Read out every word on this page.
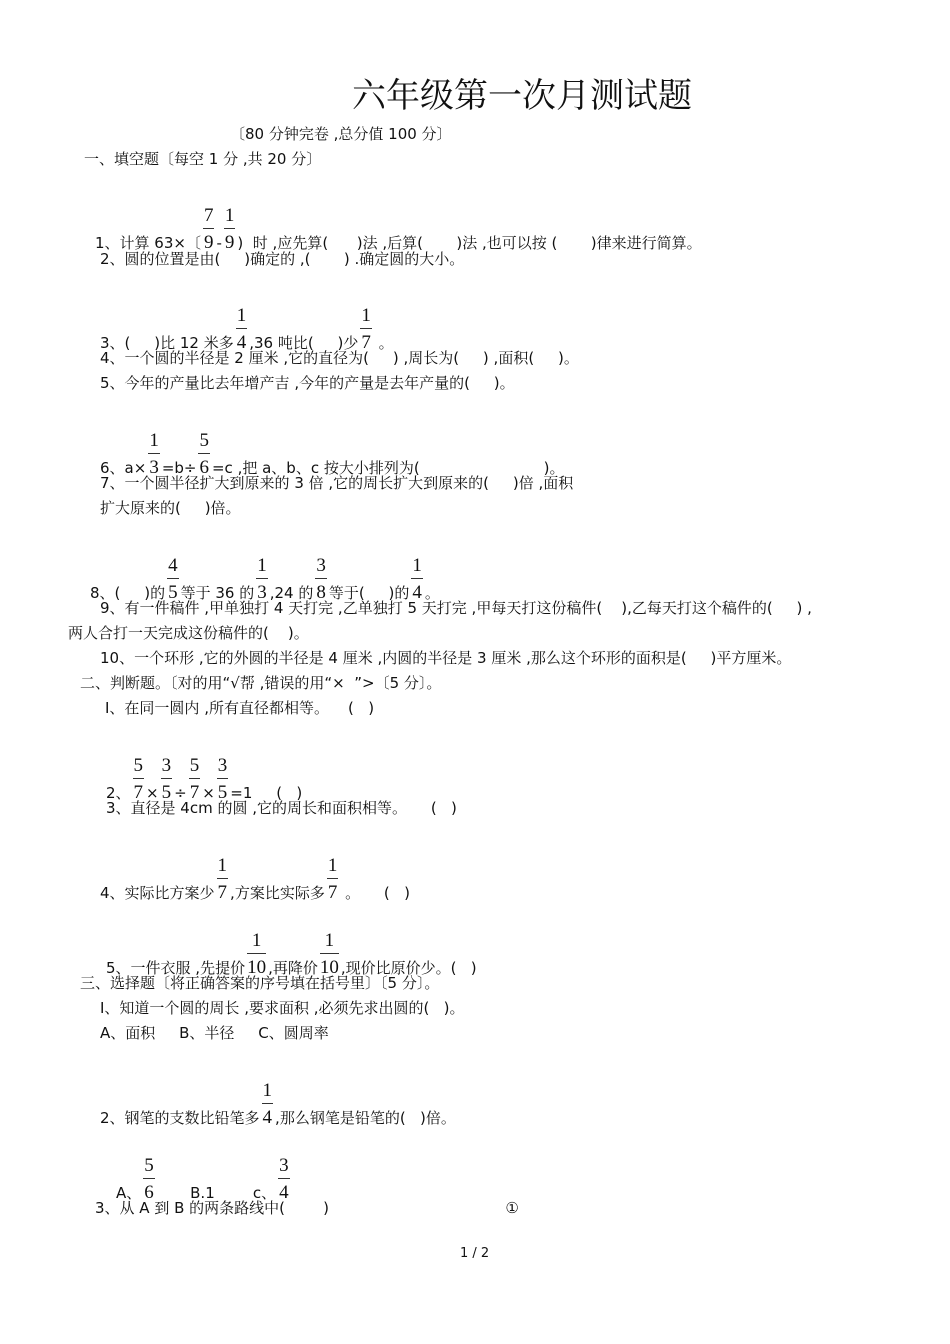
六年级第一次月测试题
〔80 分钟完卷 ,总分值 100 分〕
一、填空题〔每空 1 分 ,共 20 分〕
1、计算 63×〔 $\frac{7}{9} - \frac{1}{9}$ )  时 ,应先算(      )法 ,后算(       )法 ,也可以按 (       )律来进行简算。
2、圆的位置是由(     )确定的 ,(       ) .确定圆的大小。
3、(     )比 12 米多 $\frac{1}{4} ,36$ 吨比(     )少 $\frac{1}{7}$ 。
4、一个圆的半径是 2 厘米 ,它的直径为(     ) ,周长为(     ) ,面积(     )。
5、今年的产量比去年增产吉 ,今年的产量是去年产量的(     )。
6、$a\times \frac{1}{3} =b\div \frac{5}{6} =c$ ,把 a、b、c 按大小排列为(                          )。
7、一个圆半径扩大到原来的 3 倍 ,它的周长扩大到原来的(     )倍 ,面积
扩大原来的(     )倍。
8、(     )的 $\frac{4}{5}$ 等于 36 的 $\frac{1}{3} ,24$ 的 $\frac{3}{8}$ 等于(     )的 $\frac{1}{4}$ 。
9、有一件稿件 ,甲单独打 4 天打完 ,乙单独打 5 天打完 ,甲每天打这份稿件(    ),乙每天打这个稿件的(     ) ,
两人合打一天完成这份稿件的(    )。
10、一个环形 ,它的外圆的半径是 4 厘米 ,内圆的半径是 3 厘米 ,那么这个环形的面积是(     )平方厘米。
二、判断题。〔对的用“√帮 ,错误的用“×  ”>〔5 分〕。
I、在同一圆内 ,所有直径都相等。    (   )
2、 $\frac{5}{7} \times \frac{3}{5} \div \frac{5}{7} \times \frac{3}{5} =1$     (   )
3、直径是 4cm 的圆 ,它的周长和面积相等。     (   )
4、实际比方案少 $\frac{1}{7}$ ,方案比实际多 $\frac{1}{7}$ 。     (   )
5、一件衣服 ,先提价 $\frac{1}{10}$ ,再降价 $\frac{1}{10}$ ,现价比原价少。(   )
三、选择题〔将正确答案的序号填在括号里〕〔5 分〕。
I、知道一个圆的周长 ,要求面积 ,必须先求出圆的(   )。
A、面积     B、半径     C、圆周率
2、钢笔的支数比铅笔多 $\frac{1}{4}$ ,那么钢笔是铅笔的(   )倍。
A、 $\frac{5}{6} B.1$        c、 $\frac{3}{4}$
3、从 A 到 B 的两条路线中(        )                                     ①
1 / 2
